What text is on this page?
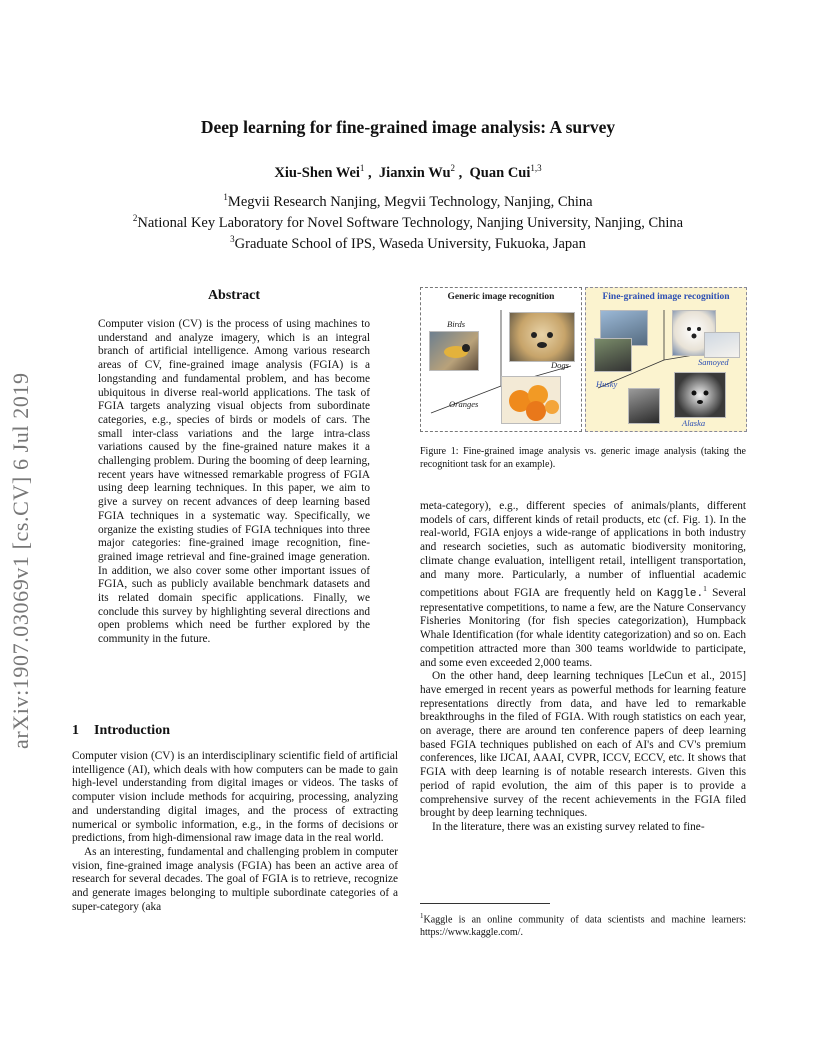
arXiv:1907.03069v1 [cs.CV] 6 Jul 2019
Deep learning for fine-grained image analysis: A survey
Xiu-Shen Wei$^1$ ,  Jianxin Wu$^2$ ,  Quan Cui$^{1,3}$
$^1$Megvii Research Nanjing, Megvii Technology, Nanjing, China
$^2$National Key Laboratory for Novel Software Technology, Nanjing University, Nanjing, China
$^3$Graduate School of IPS, Waseda University, Fukuoka, Japan
Abstract
Computer vision (CV) is the process of using machines to understand and analyze imagery, which is an integral branch of artificial intelligence. Among various research areas of CV, fine-grained image analysis (FGIA) is a longstanding and fundamental problem, and has become ubiquitous in diverse real-world applications. The task of FGIA targets analyzing visual objects from subordinate categories, e.g., species of birds or models of cars. The small inter-class variations and the large intra-class variations caused by the fine-grained nature makes it a challenging problem. During the booming of deep learning, recent years have witnessed remarkable progress of FGIA using deep learning techniques. In this paper, we aim to give a survey on recent advances of deep learning based FGIA techniques in a systematic way. Specifically, we organize the existing studies of FGIA techniques into three major categories: fine-grained image recognition, fine-grained image retrieval and fine-grained image generation. In addition, we also cover some other important issues of FGIA, such as publicly available benchmark datasets and its related domain specific applications. Finally, we conclude this survey by highlighting several directions and open problems which need be further explored by the community in the future.
1 Introduction

Computer vision (CV) is an interdisciplinary scientific field of artificial intelligence (AI), which deals with how computers can be made to gain high-level understanding from digital images or videos. The tasks of computer vision include methods for acquiring, processing, analyzing and understanding digital images, and the process of extracting numerical or symbolic information, e.g., in the forms of decisions or predictions, from high-dimensional raw image data in the real world.

As an interesting, fundamental and challenging problem in computer vision, fine-grained image analysis (FGIA) has been an active area of research for several decades. The goal of FGIA is to retrieve, recognize and generate images belonging to multiple subordinate categories of a super-category (aka

Generic image recognition
Birds
Dogs
Oranges
Fine-grained image recognition
Samoyed
Husky
Alaska
Figure 1: Fine-grained image analysis vs. generic image analysis (taking the recognitiont task for an example).

meta-category), e.g., different species of animals/plants, different models of cars, different kinds of retail products, etc (cf. Fig. 1). In the real-world, FGIA enjoys a wide-range of applications in both industry and research societies, such as automatic biodiversity monitoring, climate change evaluation, intelligent retail, intelligent transportation, and many more. Particularly, a number of influential academic competitions about FGIA are frequently held on Kaggle.$^1$ Several representative competitions, to name a few, are the Nature Conservancy Fisheries Monitoring (for fish species categorization), Humpback Whale Identification (for whale identity categorization) and so on. Each competition attracted more than 300 teams worldwide to participate, and some even exceeded 2,000 teams.

On the other hand, deep learning techniques [LeCun et al., 2015] have emerged in recent years as powerful methods for learning feature representations directly from data, and have led to remarkable breakthroughs in the filed of FGIA. With rough statistics on each year, on average, there are around ten conference papers of deep learning based FGIA techniques published on each of AI's and CV's premium conferences, like IJCAI, AAAI, CVPR, ICCV, ECCV, etc. It shows that FGIA with deep learning is of notable research interests. Given this period of rapid evolution, the aim of this paper is to provide a comprehensive survey of the recent achievements in the FGIA filed brought by deep learning techniques.

In the literature, there was an existing survey related to fine-

$^1$Kaggle is an online community of data scientists and machine learners: https://www.kaggle.com/.
